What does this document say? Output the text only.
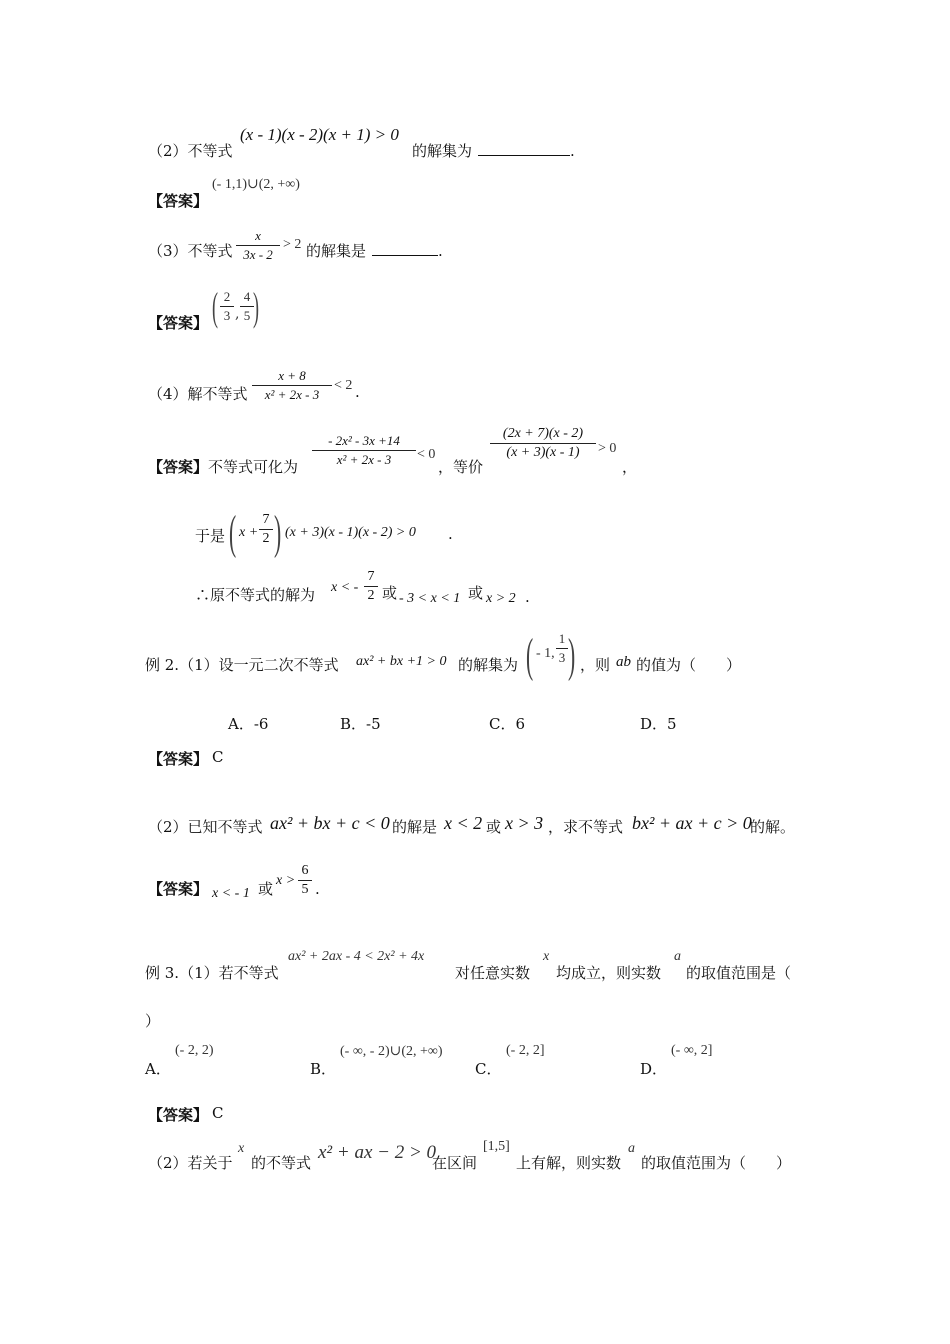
（2）不等式
(x - 1)(x - 2)(x + 1) > 0
的解集为	.
【答案】
(- 1,1)∪(2, +∞)
（3）不等式
x
3x - 2
> 2 的解集是	.
【答案】 ( 2
3 ,
4
5 )
（4）解不等式
x + 8
x² + 2x - 3
< 2 .
【答案】 不等式可化为
- 2x² - 3x +14
x² + 2x - 3	< 0
，等价
(2x + 7)(x - 2)
(x + 3)(x - 1)	> 0
，
于是 ( x +
7
2 ) (x + 3)(x - 1)(x - 2) > 0 .
∴原不等式的解为 x < -
7
2 或 - 3 < x < 1 或 x > 2 .
例 2.（1）设一元二次不等式 ax² + bx +1 > 0 的解集为 ( - 1,
1
3 ) ，则 ab 的值为（　　）
A．-6	B．-5	C．6	D．5
【答案】 C
（2）已知不等式 ax² + bx + c < 0 的解是 x < 2 或 x > 3 ，求不等式 bx² + ax + c > 0
的解。
【答案】 x < - 1 或 x >
6
5 .
例 3.（1）若不等式
ax² + 2ax - 4 < 2x² + 4x
对任意实数
x
均成立，则实数
a
的取值范围是（
）
A．
(- 2, 2)
B．
(- ∞, - 2)∪(2, +∞)
C．
(- 2, 2]
D．
(- ∞, 2]
【答案】 C
（2）若关于
x
的不等式 x² + ax − 2 > 0
在区间
[1,5]
上有解，则实数
a
的取值范围为（　　）
